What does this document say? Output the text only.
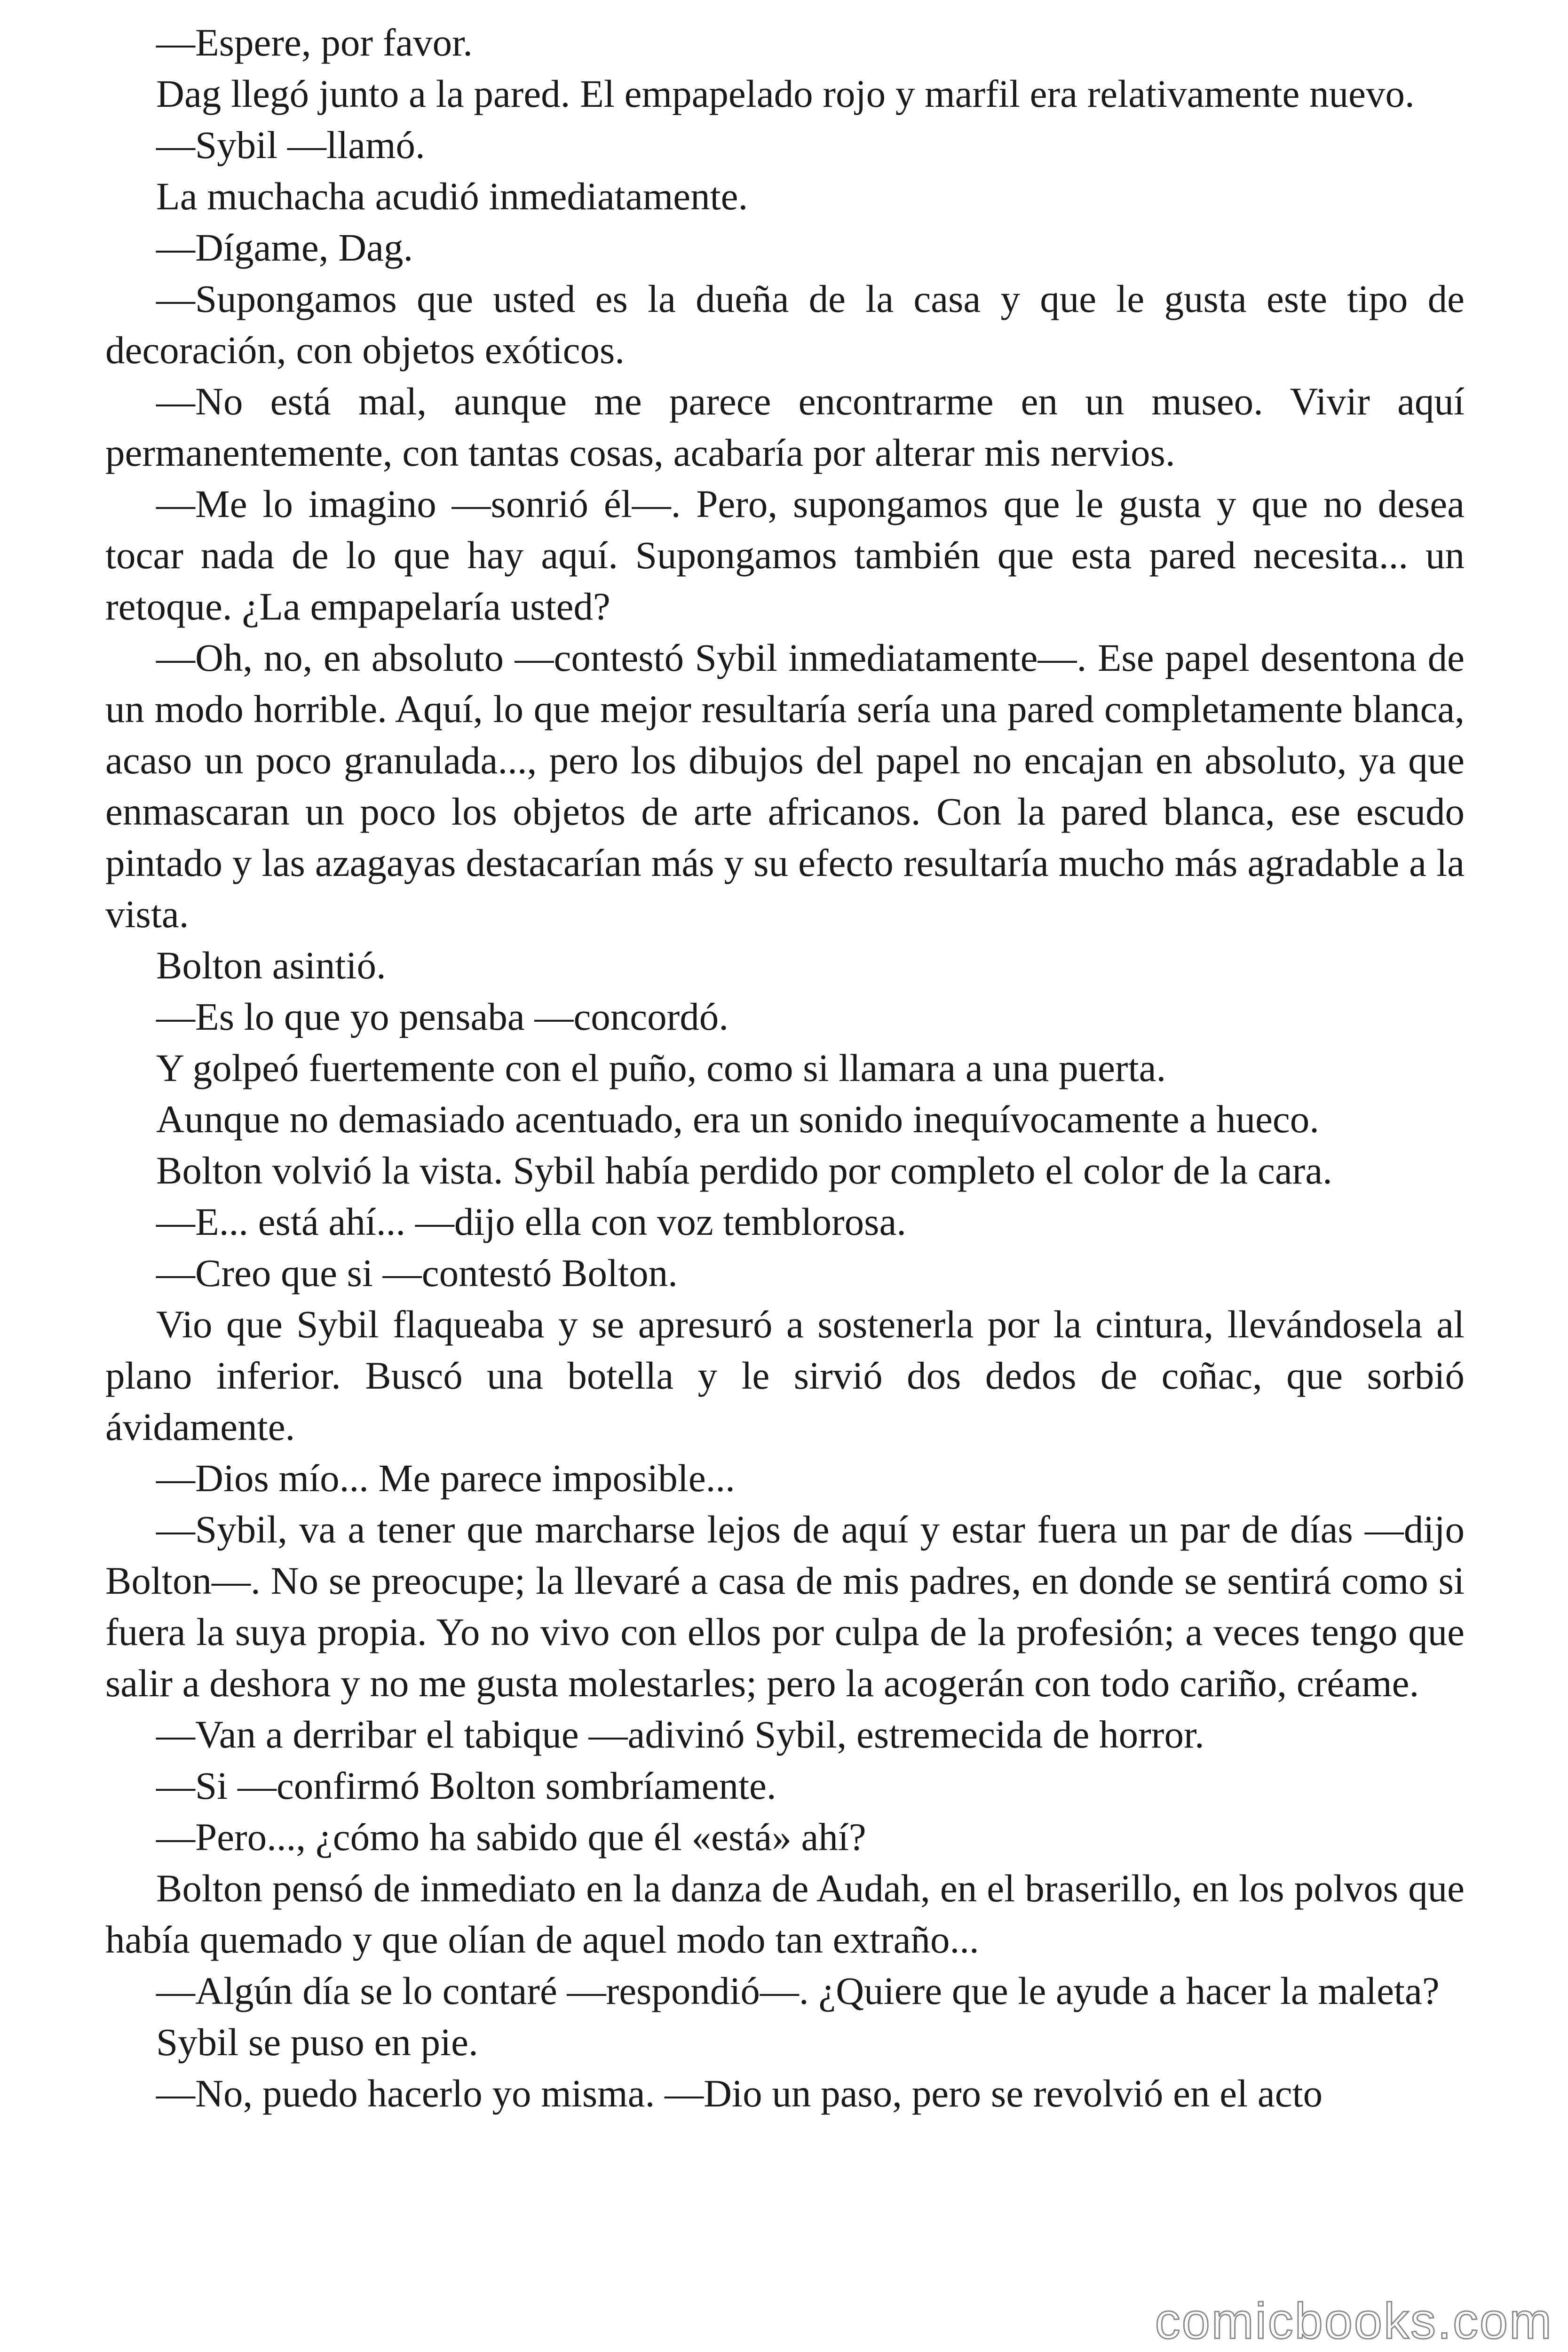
—Espere, por favor.

Dag llegó junto a la pared. El empapelado rojo y marfil era relativamente nuevo.

—Sybil —llamó.

La muchacha acudió inmediatamente.

—Dígame, Dag.

—Supongamos que usted es la dueña de la casa y que le gusta este tipo de decoración, con objetos exóticos.

—No está mal, aunque me parece encontrarme en un museo. Vivir aquí permanentemente, con tantas cosas, acabaría por alterar mis nervios.

—Me lo imagino —sonrió él—. Pero, supongamos que le gusta y que no desea tocar nada de lo que hay aquí. Supongamos también que esta pared necesita... un retoque. ¿La empapelaría usted?

—Oh, no, en absoluto —contestó Sybil inmediatamente—. Ese papel desentona de un modo horrible. Aquí, lo que mejor resultaría sería una pared completamente blanca, acaso un poco granulada..., pero los dibujos del papel no encajan en absoluto, ya que enmascaran un poco los objetos de arte africanos. Con la pared blanca, ese escudo pintado y las azagayas destacarían más y su efecto resultaría mucho más agradable a la vista.

Bolton asintió.

—Es lo que yo pensaba —concordó.

Y golpeó fuertemente con el puño, como si llamara a una puerta.

Aunque no demasiado acentuado, era un sonido inequívocamente a hueco.

Bolton volvió la vista. Sybil había perdido por completo el color de la cara.

—E... está ahí... —dijo ella con voz temblorosa.

—Creo que si —contestó Bolton.

Vio que Sybil flaqueaba y se apresuró a sostenerla por la cintura, llevándosela al plano inferior. Buscó una botella y le sirvió dos dedos de coñac, que sorbió ávidamente.

—Dios mío... Me parece imposible...

—Sybil, va a tener que marcharse lejos de aquí y estar fuera un par de días —dijo Bolton—. No se preocupe; la llevaré a casa de mis padres, en donde se sentirá como si fuera la suya propia. Yo no vivo con ellos por culpa de la profesión; a veces tengo que salir a deshora y no me gusta molestarles; pero la acogerán con todo cariño, créame.

—Van a derribar el tabique —adivinó Sybil, estremecida de horror.

—Si —confirmó Bolton sombríamente.

—Pero..., ¿cómo ha sabido que él «está» ahí?

Bolton pensó de inmediato en la danza de Audah, en el braserillo, en los polvos que había quemado y que olían de aquel modo tan extraño...

—Algún día se lo contaré —respondió—. ¿Quiere que le ayude a hacer la maleta?

Sybil se puso en pie.

—No, puedo hacerlo yo misma. —Dio un paso, pero se revolvió en el acto

comicbooks.com
